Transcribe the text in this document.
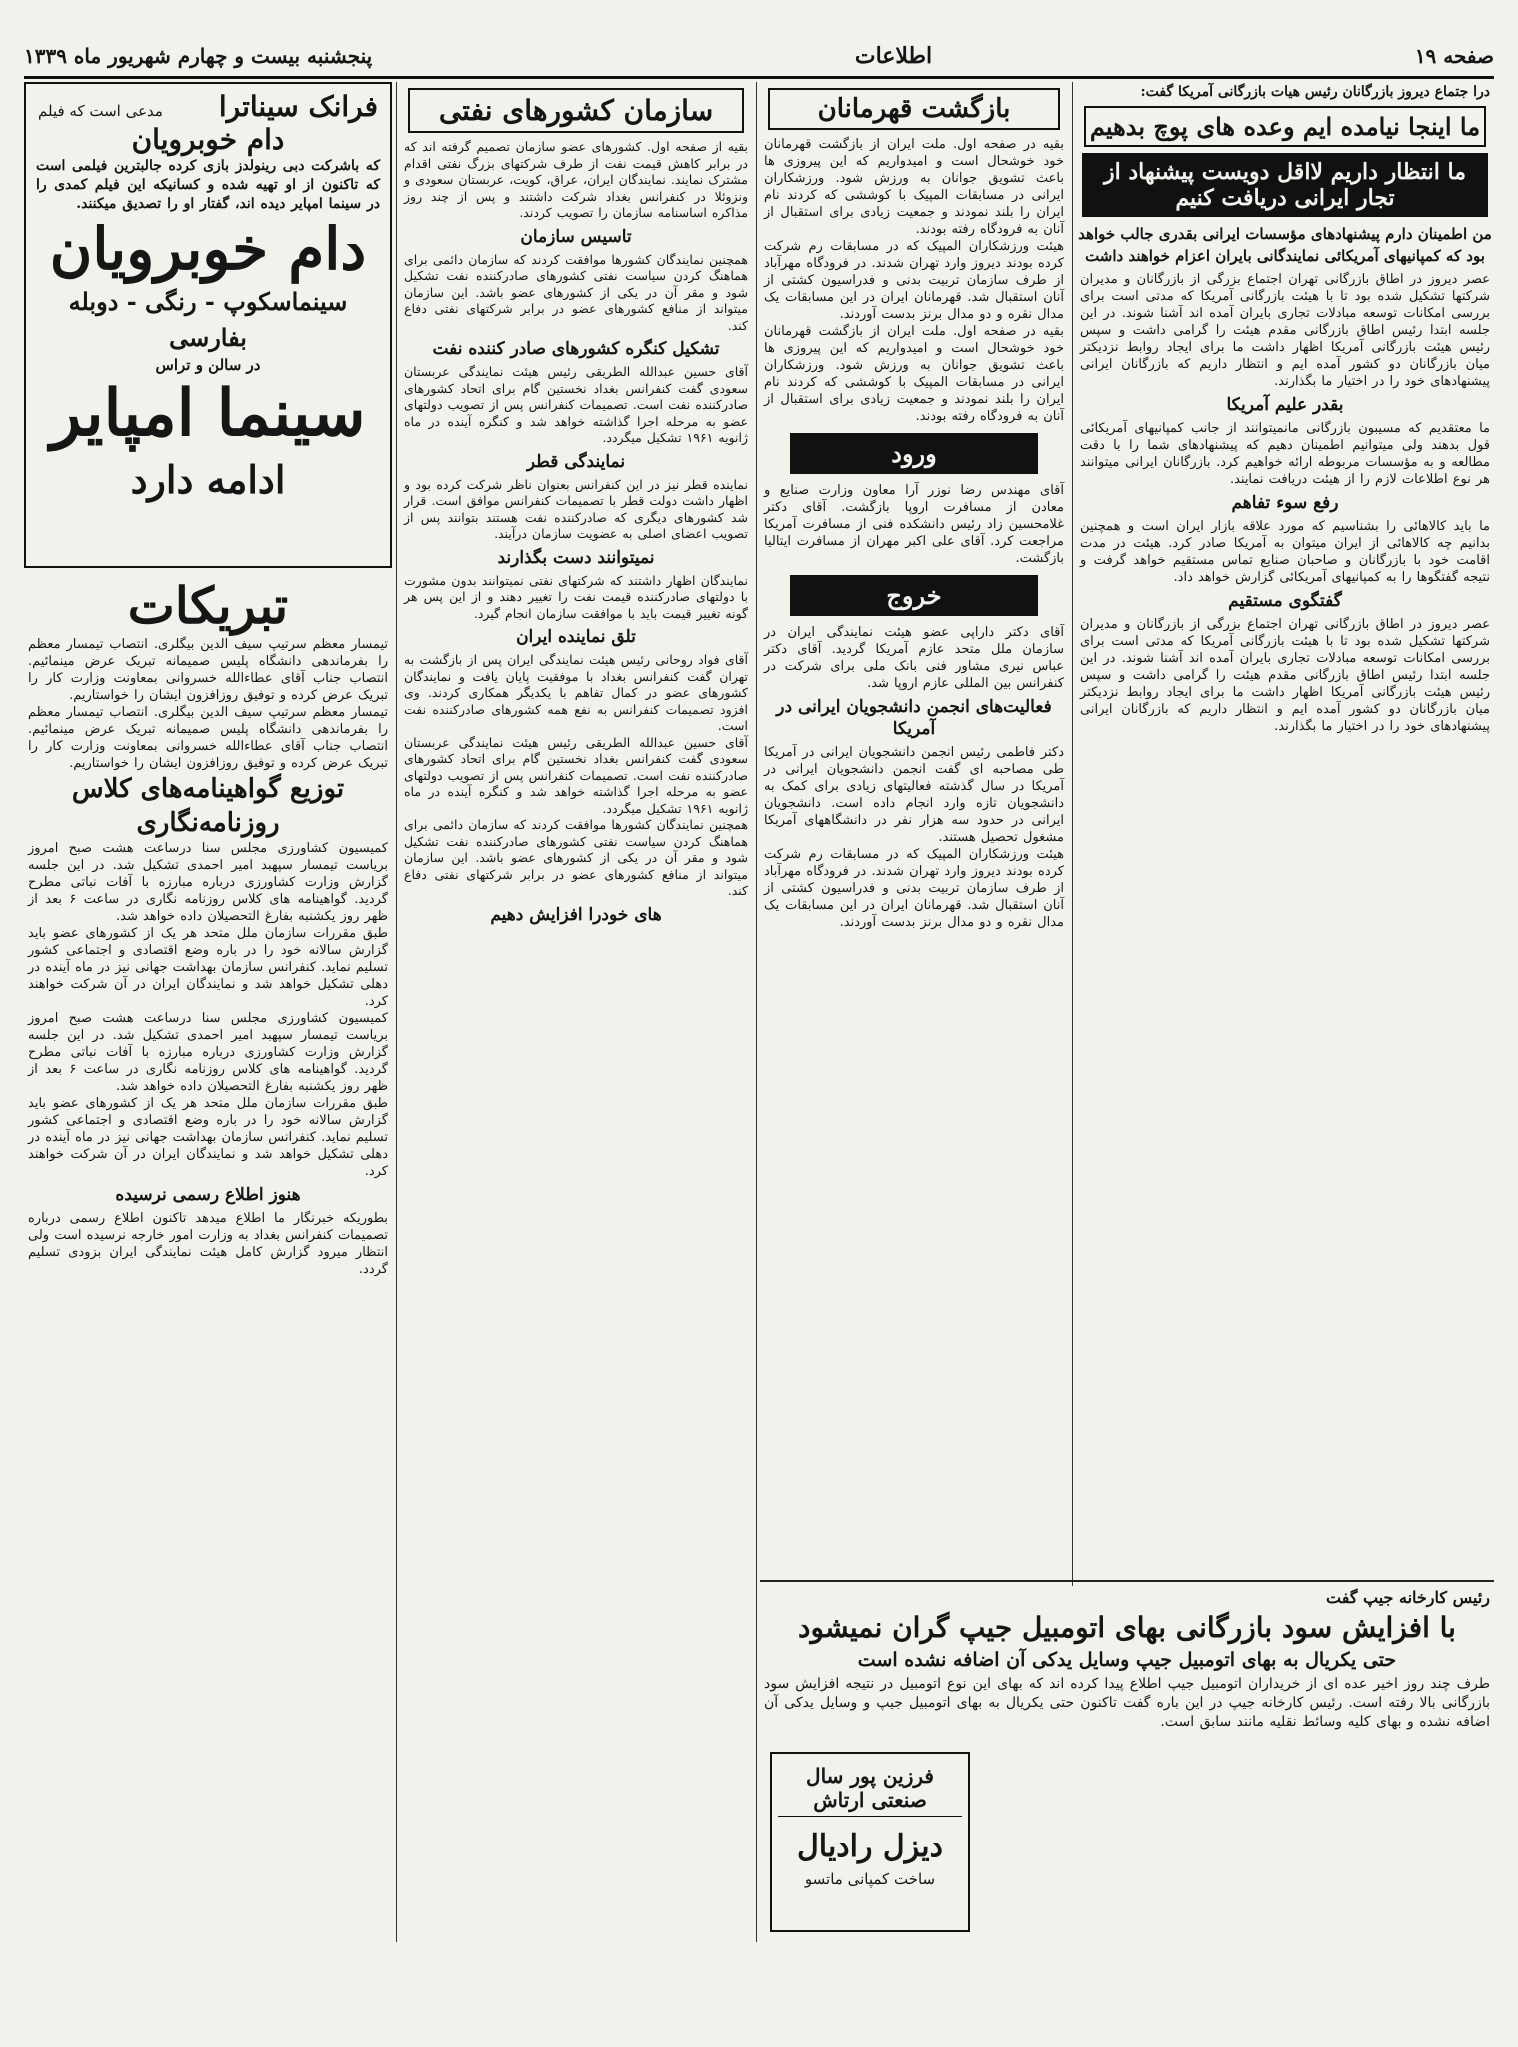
صفحه ۱۹
اطلاعات
پنجشنبه بیست و چهارم شهریور ماه ۱۳۳۹
درا جتماع دیروز بازرگانان رئیس هیات بازرگانی آمریکا گفت:
ما اینجا نیامده ایم وعده های پوچ بدهیم
ما انتظار داریم لااقل دویست پیشنهاد از تجار ایرانی دریافت کنیم
من اطمینان دارم پیشنهادهای مؤسسات ایرانی بقدری جالب خواهد بود که کمپانیهای آمریکائی نمایندگانی بایران اعزام خواهند داشت

عصر دیروز در اطاق بازرگانی تهران اجتماع بزرگی از بازرگانان و مدیران شرکتها تشکیل شده بود تا با هیئت بازرگانی آمریکا که مدتی است برای بررسی امکانات توسعه مبادلات تجاری بایران آمده اند آشنا شوند. در این جلسه ابتدا رئیس اطاق بازرگانی مقدم هیئت را گرامی داشت و سپس رئیس هیئت بازرگانی آمریکا اظهار داشت ما برای ایجاد روابط نزدیکتر میان بازرگانان دو کشور آمده ایم و انتظار داریم که بازرگانان ایرانی پیشنهادهای خود را در اختیار ما بگذارند.

بقدر علیم آمریکا

ما معتقدیم که مسیبون بازرگانی مانمیتوانند از جانب کمپانیهای آمریکائی قول بدهند ولی میتوانیم اطمینان دهیم که پیشنهادهای شما را با دقت مطالعه و به مؤسسات مربوطه ارائه خواهیم کرد. بازرگانان ایرانی میتوانند هر نوع اطلاعات لازم را از هیئت دریافت نمایند.

رفع سوء تفاهم

ما باید کالاهائی را بشناسیم که مورد علاقه بازار ایران است و همچنین بدانیم چه کالاهائی از ایران میتوان به آمریکا صادر کرد. هیئت در مدت اقامت خود با بازرگانان و صاحبان صنایع تماس مستقیم خواهد گرفت و نتیجه گفتگوها را به کمپانیهای آمریکائی گزارش خواهد داد.

گفتگوی مستقیم

عصر دیروز در اطاق بازرگانی تهران اجتماع بزرگی از بازرگانان و مدیران شرکتها تشکیل شده بود تا با هیئت بازرگانی آمریکا که مدتی است برای بررسی امکانات توسعه مبادلات تجاری بایران آمده اند آشنا شوند. در این جلسه ابتدا رئیس اطاق بازرگانی مقدم هیئت را گرامی داشت و سپس رئیس هیئت بازرگانی آمریکا اظهار داشت ما برای ایجاد روابط نزدیکتر میان بازرگانان دو کشور آمده ایم و انتظار داریم که بازرگانان ایرانی پیشنهادهای خود را در اختیار ما بگذارند.

رئیس کارخانه جیپ گفت
با افزایش سود بازرگانی بهای اتومبیل جیپ گران نمیشود
حتی یکریال به بهای اتومبیل جیپ وسایل یدکی آن اضافه نشده است

طرف چند روز اخیر عده ای از خریداران اتومبیل جیپ اطلاع پیدا کرده اند که بهای این نوع اتومبیل در نتیجه افزایش سود بازرگانی بالا رفته است. رئیس کارخانه جیپ در این باره گفت تاکنون حتی یکریال به بهای اتومبیل جیپ و وسایل یدکی آن اضافه نشده و بهای کلیه وسائط نقلیه مانند سابق است.

بازگشت قهرمانان

بقیه در صفحه اول. ملت ایران از بازگشت قهرمانان خود خوشحال است و امیدواریم که این پیروزی ها باعث تشویق جوانان به ورزش شود. ورزشکاران ایرانی در مسابقات المپیک با کوششی که کردند نام ایران را بلند نمودند و جمعیت زیادی برای استقبال از آنان به فرودگاه رفته بودند.

هیئت ورزشکاران المپیک که در مسابقات رم شرکت کرده بودند دیروز وارد تهران شدند. در فرودگاه مهرآباد از طرف سازمان تربیت بدنی و فدراسیون کشتی از آنان استقبال شد. قهرمانان ایران در این مسابقات یک مدال نقره و دو مدال برنز بدست آوردند.

بقیه در صفحه اول. ملت ایران از بازگشت قهرمانان خود خوشحال است و امیدواریم که این پیروزی ها باعث تشویق جوانان به ورزش شود. ورزشکاران ایرانی در مسابقات المپیک با کوششی که کردند نام ایران را بلند نمودند و جمعیت زیادی برای استقبال از آنان به فرودگاه رفته بودند.

ورود

آقای مهندس رضا نوزر آرا معاون وزارت صنایع و معادن از مسافرت اروپا بازگشت. آقای دکتر غلامحسین زاد رئیس دانشکده فنی از مسافرت آمریکا مراجعت کرد. آقای علی اکبر مهران از مسافرت ایتالیا بازگشت.

خروج

آقای دکتر داراپی عضو هیئت نمایندگی ایران در سازمان ملل متحد عازم آمریکا گردید. آقای دکتر عباس نیری مشاور فنی بانک ملی برای شرکت در کنفرانس بین المللی عازم اروپا شد.

فعالیت‌های انجمن دانشجویان ایرانی در آمریکا

دکتر فاطمی رئیس انجمن دانشجویان ایرانی در آمریکا طی مصاحبه ای گفت انجمن دانشجویان ایرانی در آمریکا در سال گذشته فعالیتهای زیادی برای کمک به دانشجویان تازه وارد انجام داده است. دانشجویان ایرانی در حدود سه هزار نفر در دانشگاههای آمریکا مشغول تحصیل هستند.

هیئت ورزشکاران المپیک که در مسابقات رم شرکت کرده بودند دیروز وارد تهران شدند. در فرودگاه مهرآباد از طرف سازمان تربیت بدنی و فدراسیون کشتی از آنان استقبال شد. قهرمانان ایران در این مسابقات یک مدال نقره و دو مدال برنز بدست آوردند.

فرزین پور سال صنعتی ارتاش
دیزل رادیال
ساخت کمپانی ماتسو
سازمان کشورهای نفتی

بقیه از صفحه اول. کشورهای عضو سازمان تصمیم گرفته اند که در برابر کاهش قیمت نفت از طرف شرکتهای بزرگ نفتی اقدام مشترک نمایند. نمایندگان ایران، عراق، کویت، عربستان سعودی و ونزوئلا در کنفرانس بغداد شرکت داشتند و پس از چند روز مذاکره اساسنامه سازمان را تصویب کردند.

تاسیس سازمان

همچنین نمایندگان کشورها موافقت کردند که سازمان دائمی برای هماهنگ کردن سیاست نفتی کشورهای صادرکننده نفت تشکیل شود و مقر آن در یکی از کشورهای عضو باشد. این سازمان میتواند از منافع کشورهای عضو در برابر شرکتهای نفتی دفاع کند.

تشکیل کنگره کشورهای صادر کننده نفت

آقای حسین عبدالله الطریقی رئیس هیئت نمایندگی عربستان سعودی گفت کنفرانس بغداد نخستین گام برای اتحاد کشورهای صادرکننده نفت است. تصمیمات کنفرانس پس از تصویب دولتهای عضو به مرحله اجرا گذاشته خواهد شد و کنگره آینده در ماه ژانویه ۱۹۶۱ تشکیل میگردد.

نمایندگی قطر

نماینده قطر نیز در این کنفرانس بعنوان ناظر شرکت کرده بود و اظهار داشت دولت قطر با تصمیمات کنفرانس موافق است. قرار شد کشورهای دیگری که صادرکننده نفت هستند بتوانند پس از تصویب اعضای اصلی به عضویت سازمان درآیند.

نمیتوانند دست بگذارند

نمایندگان اظهار داشتند که شرکتهای نفتی نمیتوانند بدون مشورت با دولتهای صادرکننده قیمت نفت را تغییر دهند و از این پس هر گونه تغییر قیمت باید با موافقت سازمان انجام گیرد.

تلق نماینده ایران

آقای فواد روحانی رئیس هیئت نمایندگی ایران پس از بازگشت به تهران گفت کنفرانس بغداد با موفقیت پایان یافت و نمایندگان کشورهای عضو در کمال تفاهم با یکدیگر همکاری کردند. وی افزود تصمیمات کنفرانس به نفع همه کشورهای صادرکننده نفت است.

آقای حسین عبدالله الطریقی رئیس هیئت نمایندگی عربستان سعودی گفت کنفرانس بغداد نخستین گام برای اتحاد کشورهای صادرکننده نفت است. تصمیمات کنفرانس پس از تصویب دولتهای عضو به مرحله اجرا گذاشته خواهد شد و کنگره آینده در ماه ژانویه ۱۹۶۱ تشکیل میگردد.

همچنین نمایندگان کشورها موافقت کردند که سازمان دائمی برای هماهنگ کردن سیاست نفتی کشورهای صادرکننده نفت تشکیل شود و مقر آن در یکی از کشورهای عضو باشد. این سازمان میتواند از منافع کشورهای عضو در برابر شرکتهای نفتی دفاع کند.

های خودرا افزایش دهیم
فرانک سیناترا
مدعی است که فیلم
دام خوبرویان

که باشرکت دبی رینولدز بازی کرده جالبترین فیلمی است که تاکنون از او تهیه شده و کسانیکه این فیلم کمدی را در سینما امپایر دیده اند، گفتار او را تصدیق میکنند.

دام خوبرویان
سینماسکوپ - رنگی - دوبله بفارسی
در سالن و تراس
سینما امپایر
ادامه دارد
تبریکات

تیمسار معظم سرتیپ سیف الدین بیگلری. انتصاب تیمسار معظم را بفرماندهی دانشگاه پلیس صمیمانه تبریک عرض مینمائیم. انتصاب جناب آقای عطاءالله خسروانی بمعاونت وزارت کار را تبریک عرض کرده و توفیق روزافزون ایشان را خواستاریم.

تیمسار معظم سرتیپ سیف الدین بیگلری. انتصاب تیمسار معظم را بفرماندهی دانشگاه پلیس صمیمانه تبریک عرض مینمائیم. انتصاب جناب آقای عطاءالله خسروانی بمعاونت وزارت کار را تبریک عرض کرده و توفیق روزافزون ایشان را خواستاریم.

توزیع گواهینامه‌های کلاس روزنامه‌نگاری

کمیسیون کشاورزی مجلس سنا درساعت هشت صبح امروز بریاست تیمسار سپهبد امیر احمدی تشکیل شد. در این جلسه گزارش وزارت کشاورزی درباره مبارزه با آفات نباتی مطرح گردید. گواهینامه های کلاس روزنامه نگاری در ساعت ۶ بعد از ظهر روز یکشنبه بفارغ التحصیلان داده خواهد شد.

طبق مقررات سازمان ملل متحد هر یک از کشورهای عضو باید گزارش سالانه خود را در باره وضع اقتصادی و اجتماعی کشور تسلیم نماید. کنفرانس سازمان بهداشت جهانی نیز در ماه آینده در دهلی تشکیل خواهد شد و نمایندگان ایران در آن شرکت خواهند کرد.

کمیسیون کشاورزی مجلس سنا درساعت هشت صبح امروز بریاست تیمسار سپهبد امیر احمدی تشکیل شد. در این جلسه گزارش وزارت کشاورزی درباره مبارزه با آفات نباتی مطرح گردید. گواهینامه های کلاس روزنامه نگاری در ساعت ۶ بعد از ظهر روز یکشنبه بفارغ التحصیلان داده خواهد شد.

طبق مقررات سازمان ملل متحد هر یک از کشورهای عضو باید گزارش سالانه خود را در باره وضع اقتصادی و اجتماعی کشور تسلیم نماید. کنفرانس سازمان بهداشت جهانی نیز در ماه آینده در دهلی تشکیل خواهد شد و نمایندگان ایران در آن شرکت خواهند کرد.

هنوز اطلاع رسمی نرسیده

بطوریکه خبرنگار ما اطلاع میدهد تاکنون اطلاع رسمی درباره تصمیمات کنفرانس بغداد به وزارت امور خارجه نرسیده است ولی انتظار میرود گزارش کامل هیئت نمایندگی ایران بزودی تسلیم گردد.
